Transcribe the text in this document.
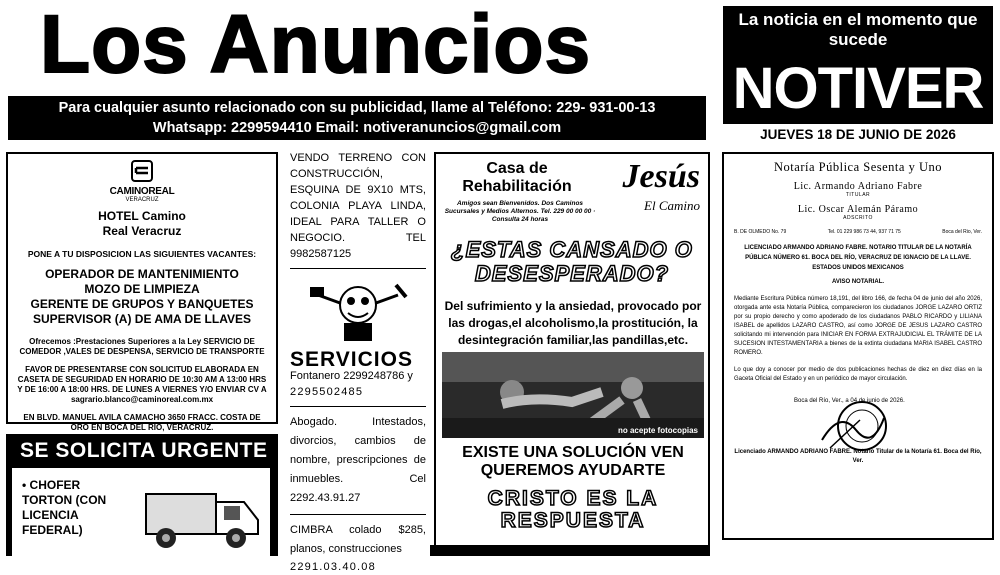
Los Anuncios
Para cualquier asunto relacionado con su publicidad, llame al Teléfono: 229- 931-00-13
Whatsapp: 2299594410 Email: notiveranuncios@gmail.com
La noticia en el momento que sucede
NOTIVER
JUEVES 18 DE JUNIO DE 2026
CAMINOREAL
VERACRUZ
HOTEL Camino
Real Veracruz
PONE A TU DISPOSICION LAS SIGUIENTES VACANTES:
OPERADOR DE MANTENIMIENTO
MOZO DE LIMPIEZA
GERENTE DE GRUPOS Y BANQUETES
SUPERVISOR (A) DE AMA DE LLAVES
Ofrecemos :Prestaciones Superiores a la Ley SERVICIO DE COMEDOR ,VALES DE DESPENSA, SERVICIO DE TRANSPORTE
FAVOR DE PRESENTARSE CON SOLICITUD ELABORADA EN CASETA DE SEGURIDAD EN HORARIO DE 10:30 AM A 13:00 HRS Y DE 16:00 A 18:00 HRS. DE LUNES A VIERNES Y/O ENVIAR CV A sagrario.blanco@caminoreal.com.mx
EN BLVD. MANUEL AVILA CAMACHO 3650 FRACC. COSTA DE ORO EN BOCA DEL RIO, VERACRUZ.
SE SOLICITA URGENTE
• CHOFER TORTON (CON LICENCIA FEDERAL)
VENDO TERRENO CON CONSTRUCCIÓN, ESQUINA DE 9X10 MTS, COLONIA PLAYA LINDA, IDEAL PARA TALLER O NEGOCIO. TEL 9982587125
SERVICIOS
Fontanero 2299248786 y
2295502485
Abogado. Intestados, divorcios, cambios de nombre, prescripciones de inmuebles. Cel 2292.43.91.27
CIMBRA colado $285, planos, construcciones
2291.03.40.08
Casa de Rehabilitación
Amigos sean Bienvenidos. Dos Caminos Sucursales y Medios Alternos. Tel. 229 00 00 00 · Consulta 24 horas
Jesús
El Camino
¿ESTAS CANSADO O DESESPERADO?
Del sufrimiento y la ansiedad, provocado por las drogas,el alcoholismo,la prostitución, la desintegración familiar,las pandillas,etc.
no acepte fotocopias
EXISTE UNA SOLUCIÓN VEN QUEREMOS AYUDARTE
CRISTO ES LA RESPUESTA
Notaría Pública Sesenta y Uno
Lic. Armando Adriano Fabre
TITULAR
Lic. Oscar Alemán Páramo
ADSCRITO
B. DE OLMEDO No. 79	Tel. 01 229 986 73 44, 937 71 75	Boca del Rio, Ver.
LICENCIADO ARMANDO ADRIANO FABRE. NOTARIO TITULAR DE LA NOTARÍA PÚBLICA NÚMERO 61. BOCA DEL RÍO, VERACRUZ DE IGNACIO DE LA LLAVE. ESTADOS UNIDOS MEXICANOS
AVISO NOTARIAL.
Mediante Escritura Pública número 18,191, del libro 166, de fecha 04 de junio del año 2026, otorgada ante esta Notaría Pública, comparecieron los ciudadanos JORGE LAZARO ORTIZ por su propio derecho y como apoderado de los ciudadanos PABLO RICARDO y LILIANA ISABEL de apellidos LAZARO CASTRO, así como JORGE DE JESUS LAZARO CASTRO solicitando mi intervención para INICIAR EN FORMA EXTRAJUDICIAL EL TRÁMITE DE LA SUCESION INTESTAMENTARIA a bienes de la extinta ciudadana MARIA ISABEL CASTRO ROMERO.
Lo que doy a conocer por medio de dos publicaciones hechas de diez en diez días en la Gaceta Oficial del Estado y en un periódico de mayor circulación.
Boca del Río, Ver., a 04 de junio de 2026.
Licenciado ARMANDO ADRIANO FABRE. Notario Titular de la Notaría 61. Boca del Río, Ver.
